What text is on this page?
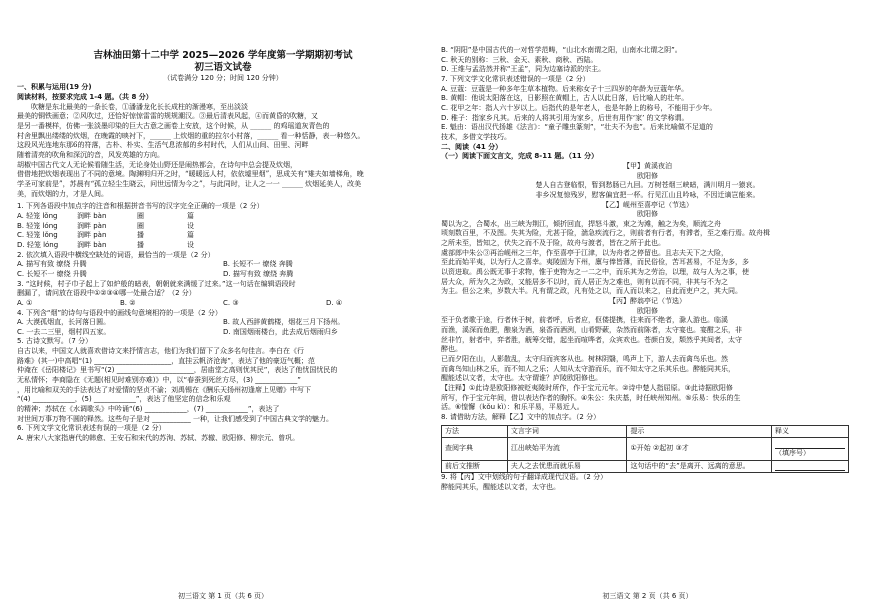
吉林油田第十二中学 2025—2026 学年度第一学期期初考试
初三语文试卷
（试卷满分 120 分；时间 120 分钟）
一、积累与运用(19 分)
阅读材料，按要求完成 1-4 题。（共 8 分）
吹糖是东北最美的一条长卷，①潘潘龙化长长成柱的渐漫寒，至出淡淡
最美的铜铁画意；②风吹过，还恰好惊惊雷雷的规规潮汉。③最后清表风起，④而黄昏的吹糖，又
是另一番模样，仿佛一张淡墨印染的巨大古意之画卷上安放，这个时候，从 ______ 的鸡瑶道灰青色的
村舍里飘出缕缕的炊烟，在晚霞的映衬下，______ 上炊烟的重的拉尔小村落，______ 看一种恬静，表一种悠久。
这段风光连地东那6的符落，古朴、朴实、生活气息浓郁的乡村时代，人们从山间、田里、河畔
随着清亮的吹角和深沉的音，风发英雄的方向。
胡椒中国古代文人无论候看随生活，无论身处山野还是闹热都会，在诗句中总会提及炊烟，
借借地把炊烟表现出了不同的意境。陶渊明归开之时，“暖暖远人村，依依墟里烟”，思成关有“雉夫如墙梯角，晚
学圣可家前是”，苏晨有“孤立轻尘生晓云，问世远情为今之”，与此同时，让人之一一 ______ 炊烟延美人，改美
美，而炊烟的力，才是人间。
1. 下列各语段中加点字的注音和根据拼音书写的汉字完全正确的一项是（2 分）
A. 轻笼 lǒng	润畔 bàn	圈	篇
B. 轻笼 lóng	润畔 pàn	圈	设
C. 轻笼 lǒng	润畔 pàn	播	篇
D. 轻笼 lóng	润畔 bàn	播	设
2. 依次填入语段中横线空缺处的词语，最恰当的一项是（2 分）
A. 描写有致 缭绕 升腾	B. 长短不一 缭绕 奔腾
C. 长短不一 缭绕 升腾	D. 描写有致 缭绕 奔腾
3. “这时候，村子巾子起上了如炉般的暗表，朝朝就来满缓了过来。”这一句话在编辑语段时
删漏了，请问放在语段中①②③④哪一处最合适？（2 分）
A. ①	B. ②	C. ③	D. ④
4. 下列含“烟”的诗句与语段中的画线句意境相符的一项是（2 分）
A. 大漠孤烟直，长河落日圆。	B. 故人西辞黄鹤楼，烟花三月下扬州。
C. 一去二三里，烟村四五家。	D. 南国烟雨楼台，此去成后烟雨归乡
5. 古诗文默写。（7 分）
自古以来，中国文人就喜欢借诗文来抒情言志，他们为我们留下了众多名句佳言。李白在《行
路难》(其一)中高唱“(1) ______________________，直挂云帆济沧海”，表达了他的豪迈气概；范
仲淹在《岳阳楼记》里书写“(2) ______________________，居庙堂之高则忧其民”，表达了他忧国忧民的
无私情怀；李商隐在《无题(相见时难别亦难)》中，以“春蚕到死丝方尽，(3) ____________”
，用比喻和双关的手法表达了对爱情的坚贞不渝；刘禹锡在《酬乐天扬州初逢席上见赠》中写下
“(4) ____________，(5) ____________”，表达了他坚定的信念和乐观
的精神；苏轼在《水调歌头》中吟诵“(6) ____________，(7) ____________”，表达了
对世间万事万物不圆的释然。这些句子是对 ___________ 一种，让我们感受到了中国古典文学的魅力。
6. 下列文学文化常识表述有误的一项是（2 分）
A. 唐宋八大家指唐代的韩愈、王安石和宋代的苏洵、苏轼、苏辙、欧阳修、柳宗元、曾巩。
初三语文 第 1 页（共 6 页）
B. “阴阳”是中国古代的一对哲学范畴，“山北水南谓之阳，山南水北谓之阴”。
C. 秋天的别称：三秋、金天、素秋、商秋、西陆。
D. 王维与孟浩然并称“王孟”，同为边塞诗派的宗主。
7. 下列文学文化常识表述错误的一项是（2 分）
A. 豆蔻：豆蔻是一种多年生草本植物。后来称女子十三四岁的年龄为豆蔻年华。
B. 黄帽：他说太阳落在这，日影照在黄帽上，古人以此日落，后比喻人的壮年。
C. 花甲之年：指人六十岁以上。后指代的是年老人，也是年龄上的称号，不能用于少年。
D. 稚子：指家乡凡其。后来的人将其引用为家乡，后世有用作‘家’ 的文学称谓。
E. 魁由：语出汉代扬雄《法言》：“童子雕虫篆刻”，“壮夫不为也”。后来比喻做不足道的
技术，多借文学技巧。
二、阅读（41 分）
（一）阅读下面文言文，完成 8-11 题。（11 分）
【甲】黄溪夜泊
欧阳修
楚人自古登临恨，暂到愁肠已九回。万树苍烟三峡暗，满川明月一猿哀。
非乡况复惊残岁，慰客偏宜把一杯。行见江山且吟咏，不因迁谪岂能来。
【乙】岘州至喜亭记（节选）
欧阳修
蜀以为之，合蜀水，出三峡为荆江，倾折回直，捍怒斗激，束之为滩，触之为矣，顺流之舟
顷刻数百里，不及图。失其为险，尤甚于险，湍急疾流行之，则前者有行者，有滞者，至之难行焉。故舟楫
之所未至，皆知之，伏失之而不及于险，故舟与渡者，皆在之所于此也。
虞部郎中朱公③再治岘州之三年，作至喜亭于江津，以为舟者之停留也。且志夫天下之大险，
至此而始平夷，以为行人之喜幸。夷陵固为下州，廪与俸皆薄，而民俗俭，苦耳甚易，不足为多，多
以资进取。禹公既无事于求物，惟于吏物为之一二之中，而乐其为之劳治，以理，故与人为之事，使
居大众，所为久之为政，又能居多不以时，而人居正为之难也，则有以而不同，非其与不为之
为主。但公之来，岁数大半。凡有谓之政，凡有处之以，而人而以来之，自此而吏户之，其大同。
【丙】醉翁亭记（节选）
欧阳修
至于负者歌于途，行者休于树，前者呼，后者应，伛偻提携，往来而不绝者，滁人游也。临溪
而渔，溪深而鱼肥，酿泉为酒，泉香而酒洌，山肴野蔌，杂然而前陈者，太守宴也。宴酣之乐，非
丝非竹，射者中，弈者胜，觥筹交错，起坐而喧哗者，众宾欢也。苍颜白发，颓然乎其间者，太守
醉也。
已而夕阳在山，人影散乱，太守归而宾客从也。树林阴翳，鸣声上下，游人去而禽鸟乐也。然
而禽鸟知山林之乐，而不知人之乐；人知从太守游而乐，而不知太守之乐其乐也。醉能同其乐，
醒能述以文者，太守也。太守谓谁？庐陵欧阳修也。
【注释】①此诗是欧阳修被贬夷陵时所作，作于宝元元年。②诗中楚人指屈原。③此诗据欧阳修
所写，作于宝元年间，借以表达作者的胸怀。④朱公：朱庆基，时任峡州知州。⑤乐易：快乐的生
活。⑥惶懈（kǒu kì）：和乐平易，平易近人。
8. 请借助方法，解释【乙】文中的加点字。（2 分）
方法	文言字词	提示	释义
查阅字典	江出峡始平为流	①开始 ②起初 ③才	（填序号）
前后文推断	夫人之去忧患而就乐易	这句话中的“去”是离开、远离的意思。	
9. 将【丙】文中划线的句子翻译成现代汉语。（2 分）
醉能同其乐，醒能述以文者，太守也。
初三语文 第 2 页（共 6 页）
